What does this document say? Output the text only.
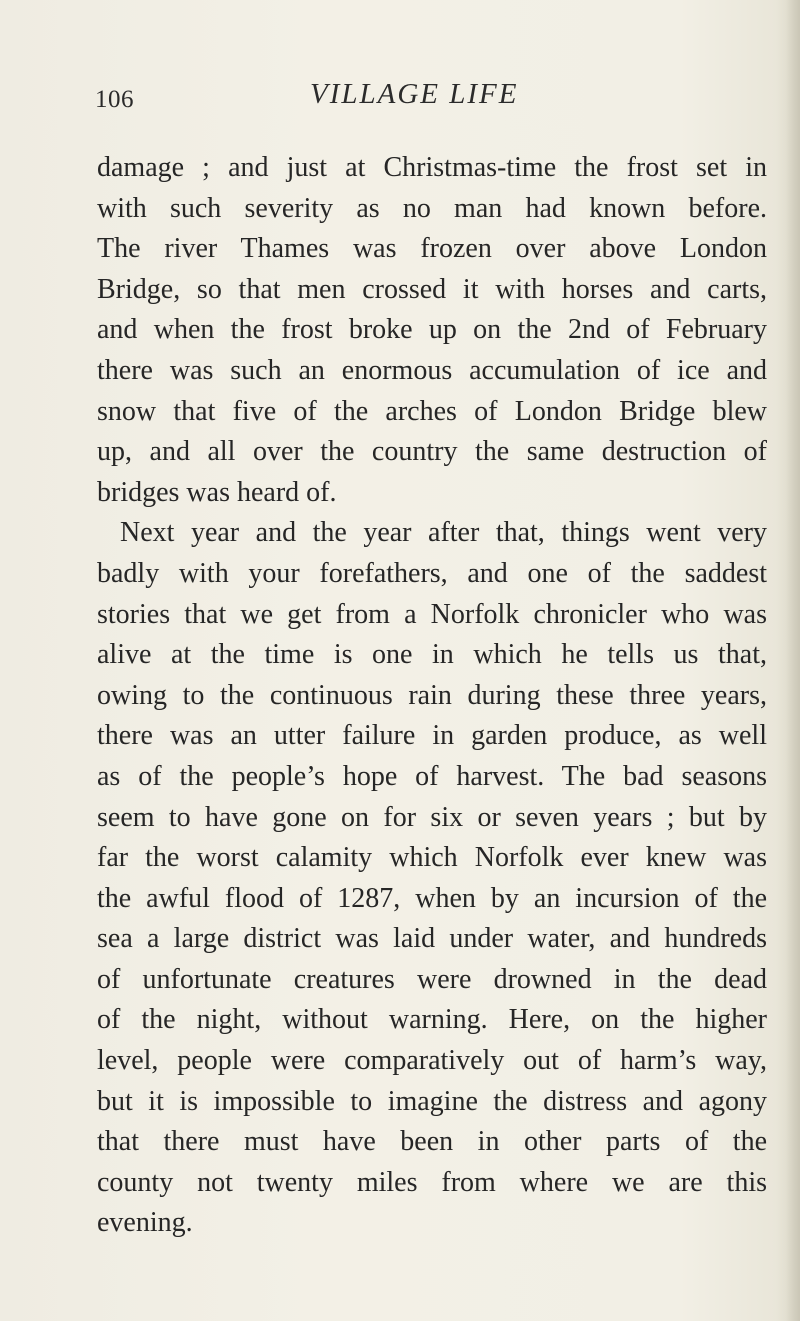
106	VILLAGE LIFE
damage ; and just at Christmas-time the frost set in
with such severity as no man had known before.
The river Thames was frozen over above London
Bridge, so that men crossed it with horses and carts,
and when the frost broke up on the 2nd of February
there was such an enormous accumulation of ice and
snow that five of the arches of London Bridge blew
up, and all over the country the same destruction of
bridges was heard of.
Next year and the year after that, things went very
badly with your forefathers, and one of the saddest
stories that we get from a Norfolk chronicler who was
alive at the time is one in which he tells us that,
owing to the continuous rain during these three years,
there was an utter failure in garden produce, as well
as of the people’s hope of harvest. The bad seasons
seem to have gone on for six or seven years ; but by
far the worst calamity which Norfolk ever knew was
the awful flood of 1287, when by an incursion of the
sea a large district was laid under water, and hundreds
of unfortunate creatures were drowned in the dead
of the night, without warning. Here, on the higher
level, people were comparatively out of harm’s way,
but it is impossible to imagine the distress and agony
that there must have been in other parts of the
county not twenty miles from where we are this
evening.
